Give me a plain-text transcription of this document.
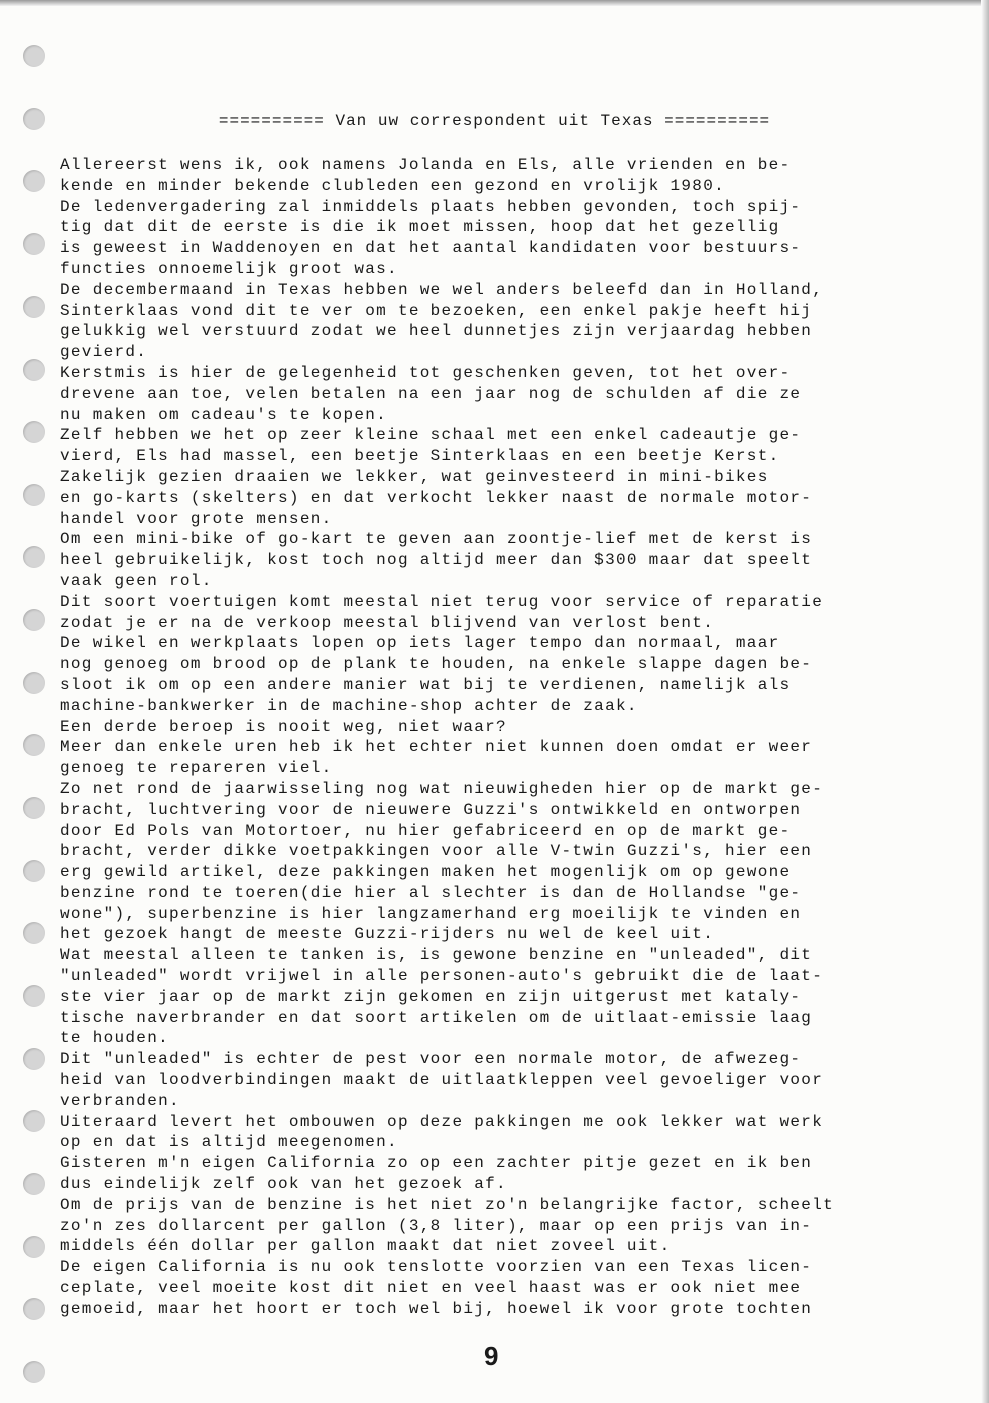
========== Van uw correspondent uit Texas ==========
Allereerst wens ik, ook namens Jolanda en Els, alle vrienden en be-
kende en minder bekende clubleden een gezond en vrolijk 1980.
De ledenvergadering zal inmiddels plaats hebben gevonden, toch spij-
tig dat dit de eerste is die ik moet missen, hoop dat het gezellig
is geweest in Waddenoyen en dat het aantal kandidaten voor bestuurs-
functies onnoemelijk groot was.
De decembermaand in Texas hebben we wel anders beleefd dan in Holland,
Sinterklaas vond dit te ver om te bezoeken, een enkel pakje heeft hij
gelukkig wel verstuurd zodat we heel dunnetjes zijn verjaardag hebben
gevierd.
Kerstmis is hier de gelegenheid tot geschenken geven, tot het over-
drevene aan toe, velen betalen na een jaar nog de schulden af die ze
nu maken om cadeau's te kopen.
Zelf hebben we het op zeer kleine schaal met een enkel cadeautje ge-
vierd, Els had massel, een beetje Sinterklaas en een beetje Kerst.
Zakelijk gezien draaien we lekker, wat geinvesteerd in mini-bikes
en go-karts (skelters) en dat verkocht lekker naast de normale motor-
handel voor grote mensen.
Om een mini-bike of go-kart te geven aan zoontje-lief met de kerst is
heel gebruikelijk, kost toch nog altijd meer dan $300 maar dat speelt
vaak geen rol.
Dit soort voertuigen komt meestal niet terug voor service of reparatie
zodat je er na de verkoop meestal blijvend van verlost bent.
De wikel en werkplaats lopen op iets lager tempo dan normaal, maar
nog genoeg om brood op de plank te houden, na enkele slappe dagen be-
sloot ik om op een andere manier wat bij te verdienen, namelijk als
machine-bankwerker in de machine-shop achter de zaak.
Een derde beroep is nooit weg, niet waar?
Meer dan enkele uren heb ik het echter niet kunnen doen omdat er weer
genoeg te repareren viel.
Zo net rond de jaarwisseling nog wat nieuwigheden hier op de markt ge-
bracht, luchtvering voor de nieuwere Guzzi's ontwikkeld en ontworpen
door Ed Pols van Motortoer, nu hier gefabriceerd en op de markt ge-
bracht, verder dikke voetpakkingen voor alle V-twin Guzzi's, hier een
erg gewild artikel, deze pakkingen maken het mogenlijk om op gewone
benzine rond te toeren(die hier al slechter is dan de Hollandse "ge-
wone"), superbenzine is hier langzamerhand erg moeilijk te vinden en
het gezoek hangt de meeste Guzzi-rijders nu wel de keel uit.
Wat meestal alleen te tanken is, is gewone benzine en "unleaded", dit
"unleaded" wordt vrijwel in alle personen-auto's gebruikt die de laat-
ste vier jaar op de markt zijn gekomen en zijn uitgerust met kataly-
tische naverbrander en dat soort artikelen om de uitlaat-emissie laag
te houden.
Dit "unleaded" is echter de pest voor een normale motor, de afwezeg-
heid van loodverbindingen maakt de uitlaatkleppen veel gevoeliger voor
verbranden.
Uiteraard levert het ombouwen op deze pakkingen me ook lekker wat werk
op en dat is altijd meegenomen.
Gisteren m'n eigen California zo op een zachter pitje gezet en ik ben
dus eindelijk zelf ook van het gezoek af.
Om de prijs van de benzine is het niet zo'n belangrijke factor, scheelt
zo'n zes dollarcent per gallon (3,8 liter), maar op een prijs van in-
middels één dollar per gallon maakt dat niet zoveel uit.
De eigen California is nu ook tenslotte voorzien van een Texas licen-
ceplate, veel moeite kost dit niet en veel haast was er ook niet mee
gemoeid, maar het hoort er toch wel bij, hoewel ik voor grote tochten
9
